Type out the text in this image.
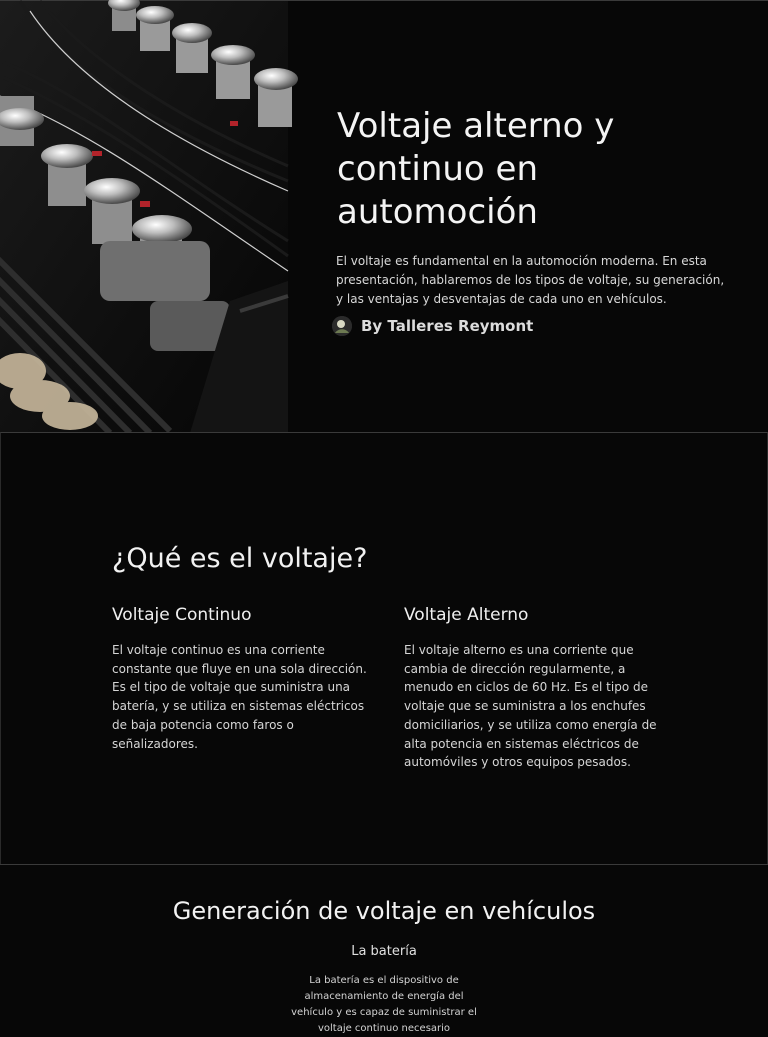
Voltaje alterno y continuo en automoción

El voltaje es fundamental en la automoción moderna. En esta presentación, hablaremos de los tipos de voltaje, su generación, y las ventajas y desventajas de cada uno en vehículos.

By Talleres Reymont
¿Qué es el voltaje?
Voltaje Continuo

El voltaje continuo es una corriente constante que fluye en una sola dirección. Es el tipo de voltaje que suministra una batería, y se utiliza en sistemas eléctricos de baja potencia como faros o señalizadores.

Voltaje Alterno

El voltaje alterno es una corriente que cambia de dirección regularmente, a menudo en ciclos de 60 Hz. Es el tipo de voltaje que se suministra a los enchufes domiciliarios, y se utiliza como energía de alta potencia en sistemas eléctricos de automóviles y otros equipos pesados.

Generación de voltaje en vehículos
La batería

La batería es el dispositivo de almacenamiento de energía del vehículo y es capaz de suministrar el voltaje continuo necesario
